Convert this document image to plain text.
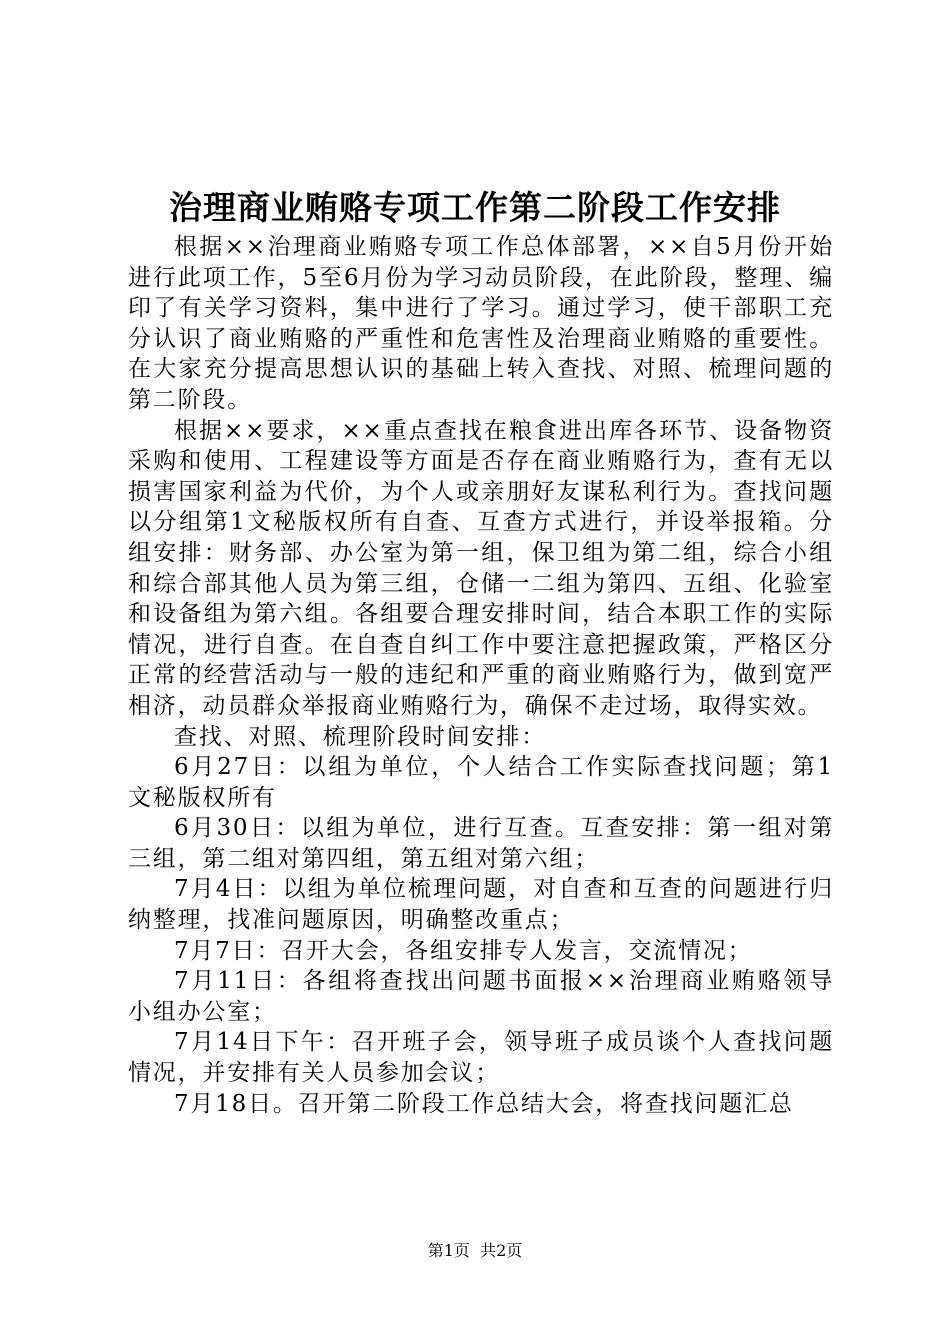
治理商业贿赂专项工作第二阶段工作安排

根据××治理商业贿赂专项工作总体部署，××自5月份开始进行此项工作，5至6月份为学习动员阶段，在此阶段，整理、编印了有关学习资料，集中进行了学习。通过学习，使干部职工充分认识了商业贿赂的严重性和危害性及治理商业贿赂的重要性。在大家充分提高思想认识的基础上转入查找、对照、梳理问题的第二阶段。

根据××要求，××重点查找在粮食进出库各环节、设备物资采购和使用、工程建设等方面是否存在商业贿赂行为，查有无以损害国家利益为代价，为个人或亲朋好友谋私利行为。查找问题以分组第1文秘版权所有自查、互查方式进行，并设举报箱。分组安排：财务部、办公室为第一组，保卫组为第二组，综合小组和综合部其他人员为第三组，仓储一二组为第四、五组、化验室和设备组为第六组。各组要合理安排时间，结合本职工作的实际情况，进行自查。在自查自纠工作中要注意把握政策，严格区分正常的经营活动与一般的违纪和严重的商业贿赂行为，做到宽严相济，动员群众举报商业贿赂行为，确保不走过场，取得实效。

查找、对照、梳理阶段时间安排：

6月27日：以组为单位，个人结合工作实际查找问题；第1文秘版权所有

6月30日：以组为单位，进行互查。互查安排：第一组对第三组，第二组对第四组，第五组对第六组；

7月4日：以组为单位梳理问题，对自查和互查的问题进行归纳整理，找准问题原因，明确整改重点；

7月7日：召开大会，各组安排专人发言，交流情况；

7月11日：各组将查找出问题书面报××治理商业贿赂领导小组办公室；

7月14日下午：召开班子会，领导班子成员谈个人查找问题情况，并安排有关人员参加会议；

7月18日。召开第二阶段工作总结大会，将查找问题汇总

第1页 共2页
